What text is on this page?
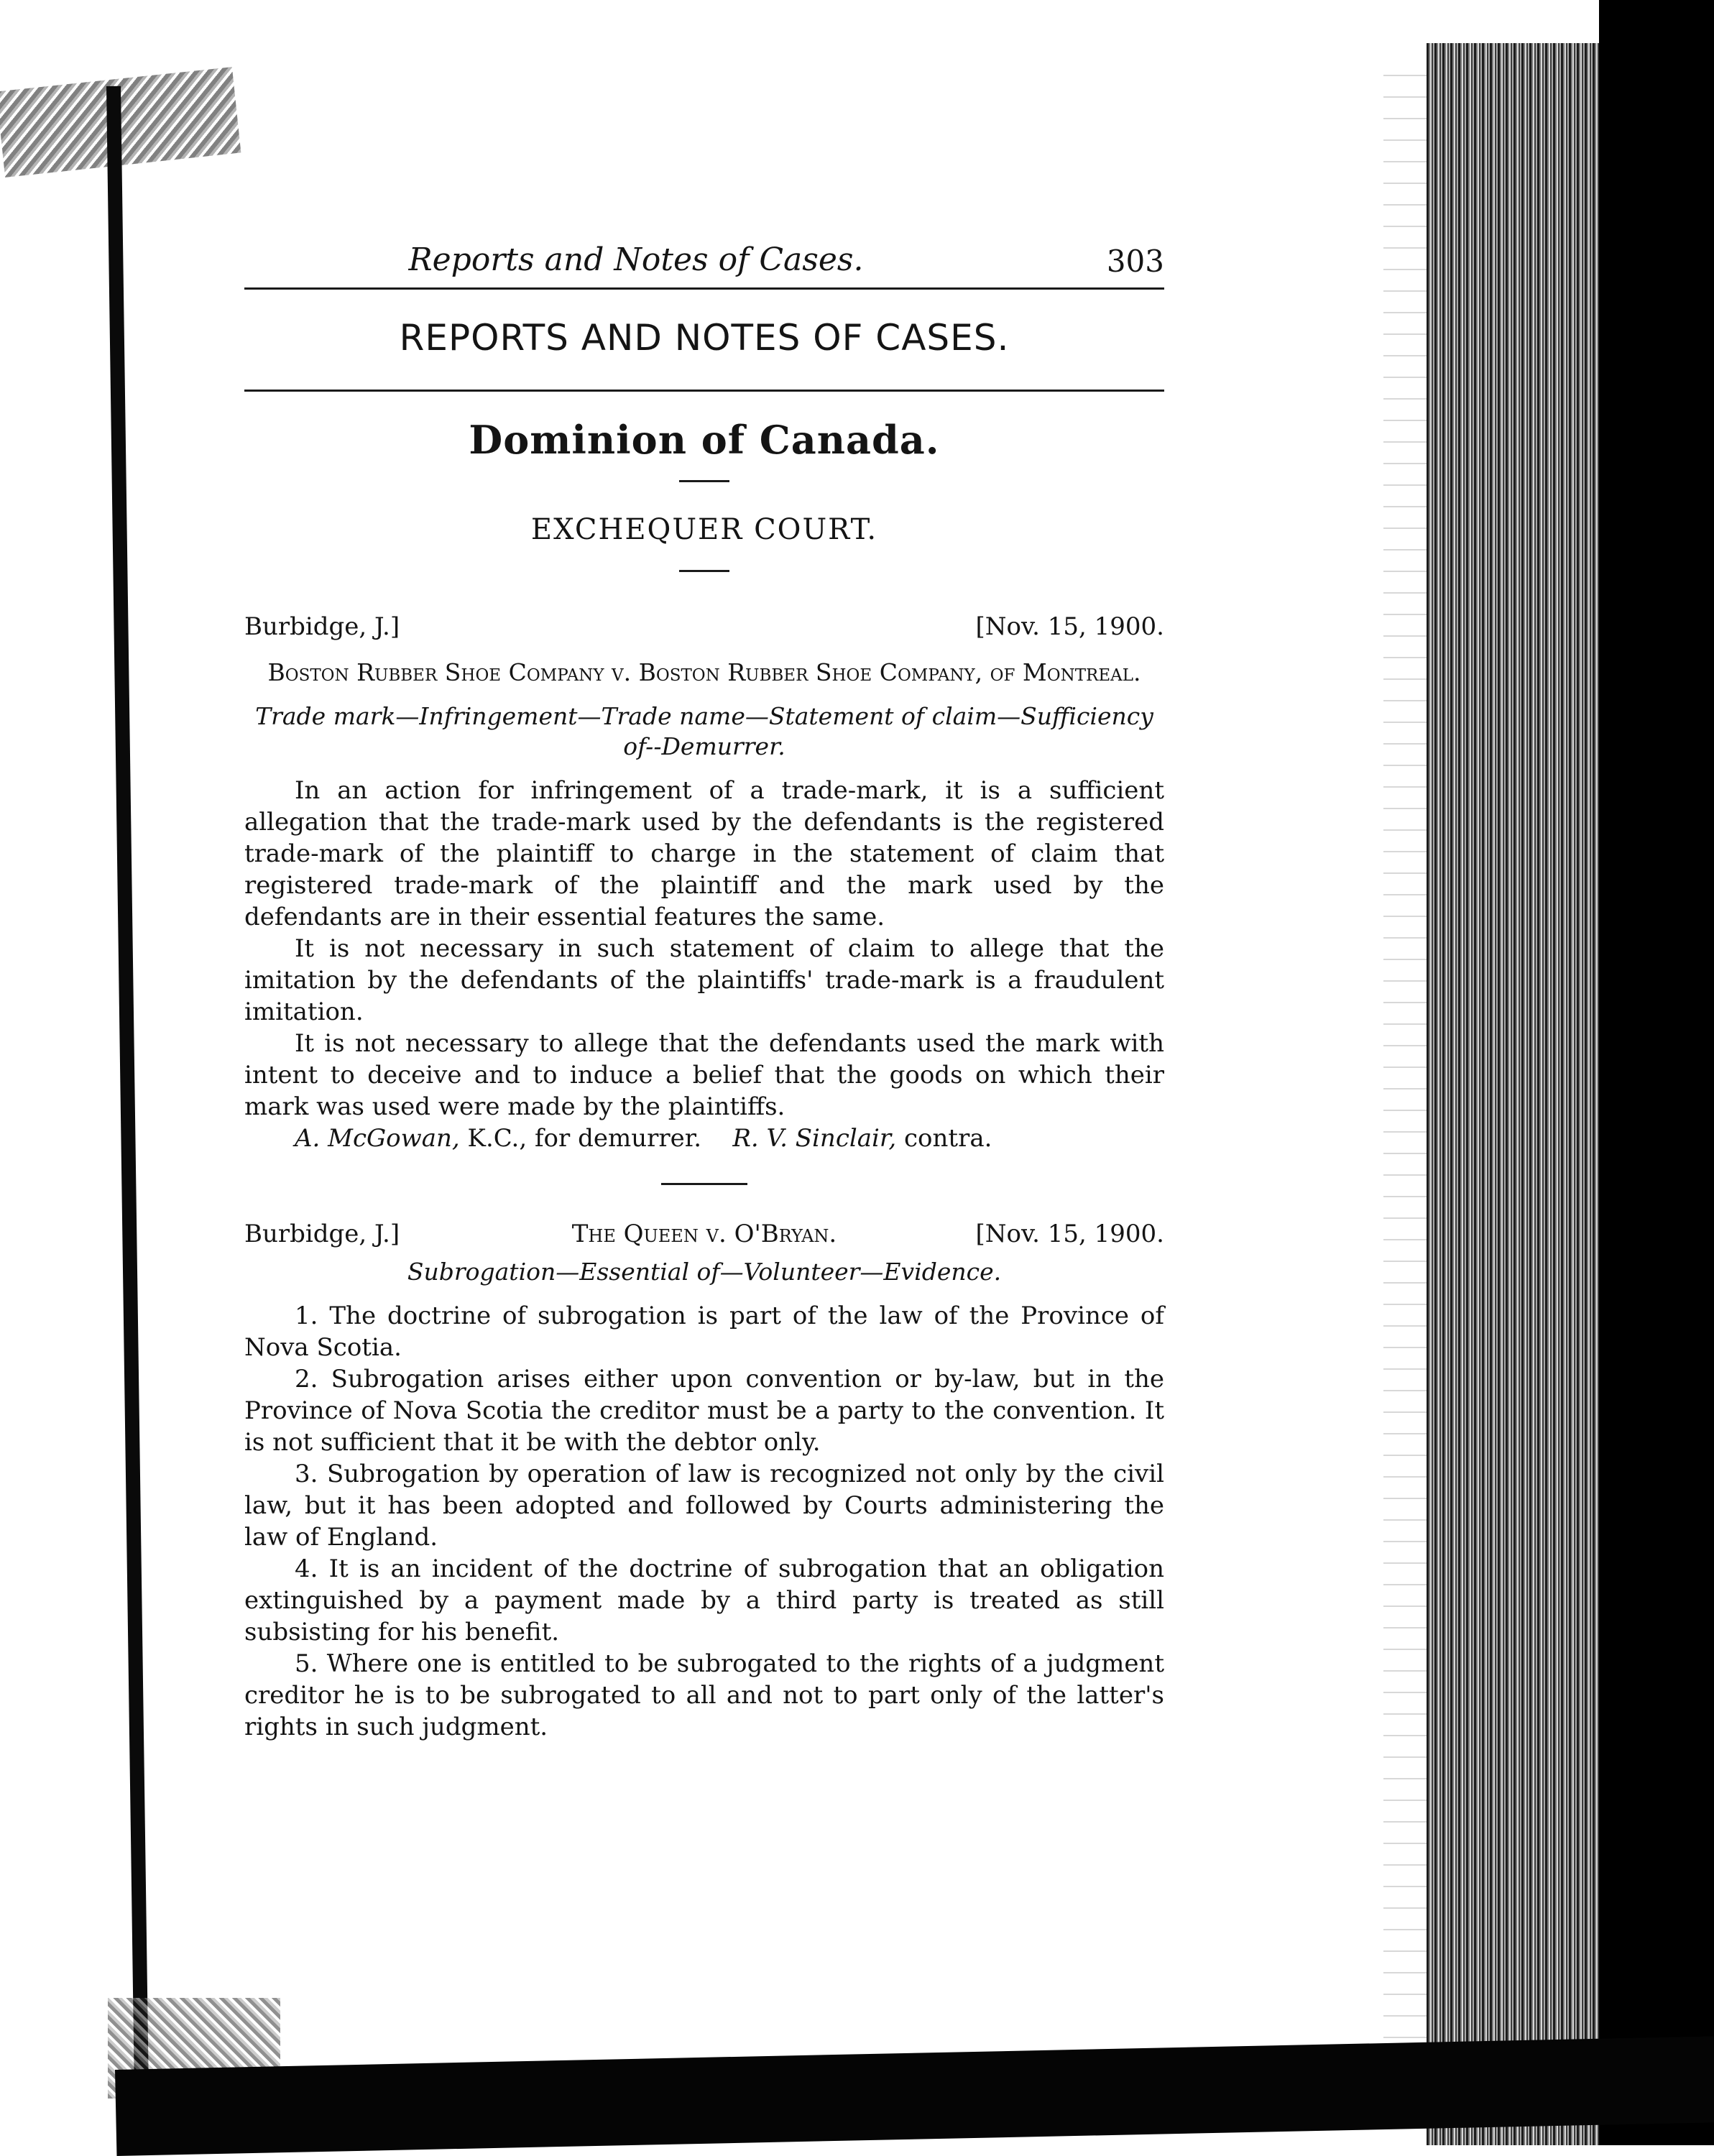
Reports and Notes of Cases.	303
REPORTS AND NOTES OF CASES.
Dominion of Canada.
EXCHEQUER COURT.
Burbidge, J.]	[Nov. 15, 1900.
Boston Rubber Shoe Company v. Boston Rubber Shoe Company, of Montreal.
Trade mark—Infringement—Trade name—Statement of claim—Sufficiency of--Demurrer.

In an action for infringement of a trade-mark, it is a sufficient allegation that the trade-mark used by the defendants is the registered trade-mark of the plaintiff to charge in the statement of claim that registered trade-mark of the plaintiff and the mark used by the defendants are in their essential features the same.

It is not necessary in such statement of claim to allege that the imitation by the defendants of the plaintiffs' trade-mark is a fraudulent imitation.

It is not necessary to allege that the defendants used the mark with intent to deceive and to induce a belief that the goods on which their mark was used were made by the plaintiffs.

A. McGowan, K.C., for demurrer. R. V. Sinclair, contra.
Burbidge, J.]	The Queen v. O'Bryan.	[Nov. 15, 1900.
Subrogation—Essential of—Volunteer—Evidence.

1. The doctrine of subrogation is part of the law of the Province of Nova Scotia.

2. Subrogation arises either upon convention or by-law, but in the Province of Nova Scotia the creditor must be a party to the convention. It is not sufficient that it be with the debtor only.

3. Subrogation by operation of law is recognized not only by the civil law, but it has been adopted and followed by Courts administering the law of England.

4. It is an incident of the doctrine of subrogation that an obligation extinguished by a payment made by a third party is treated as still subsisting for his benefit.

5. Where one is entitled to be subrogated to the rights of a judgment creditor he is to be subrogated to all and not to part only of the latter's rights in such judgment.
